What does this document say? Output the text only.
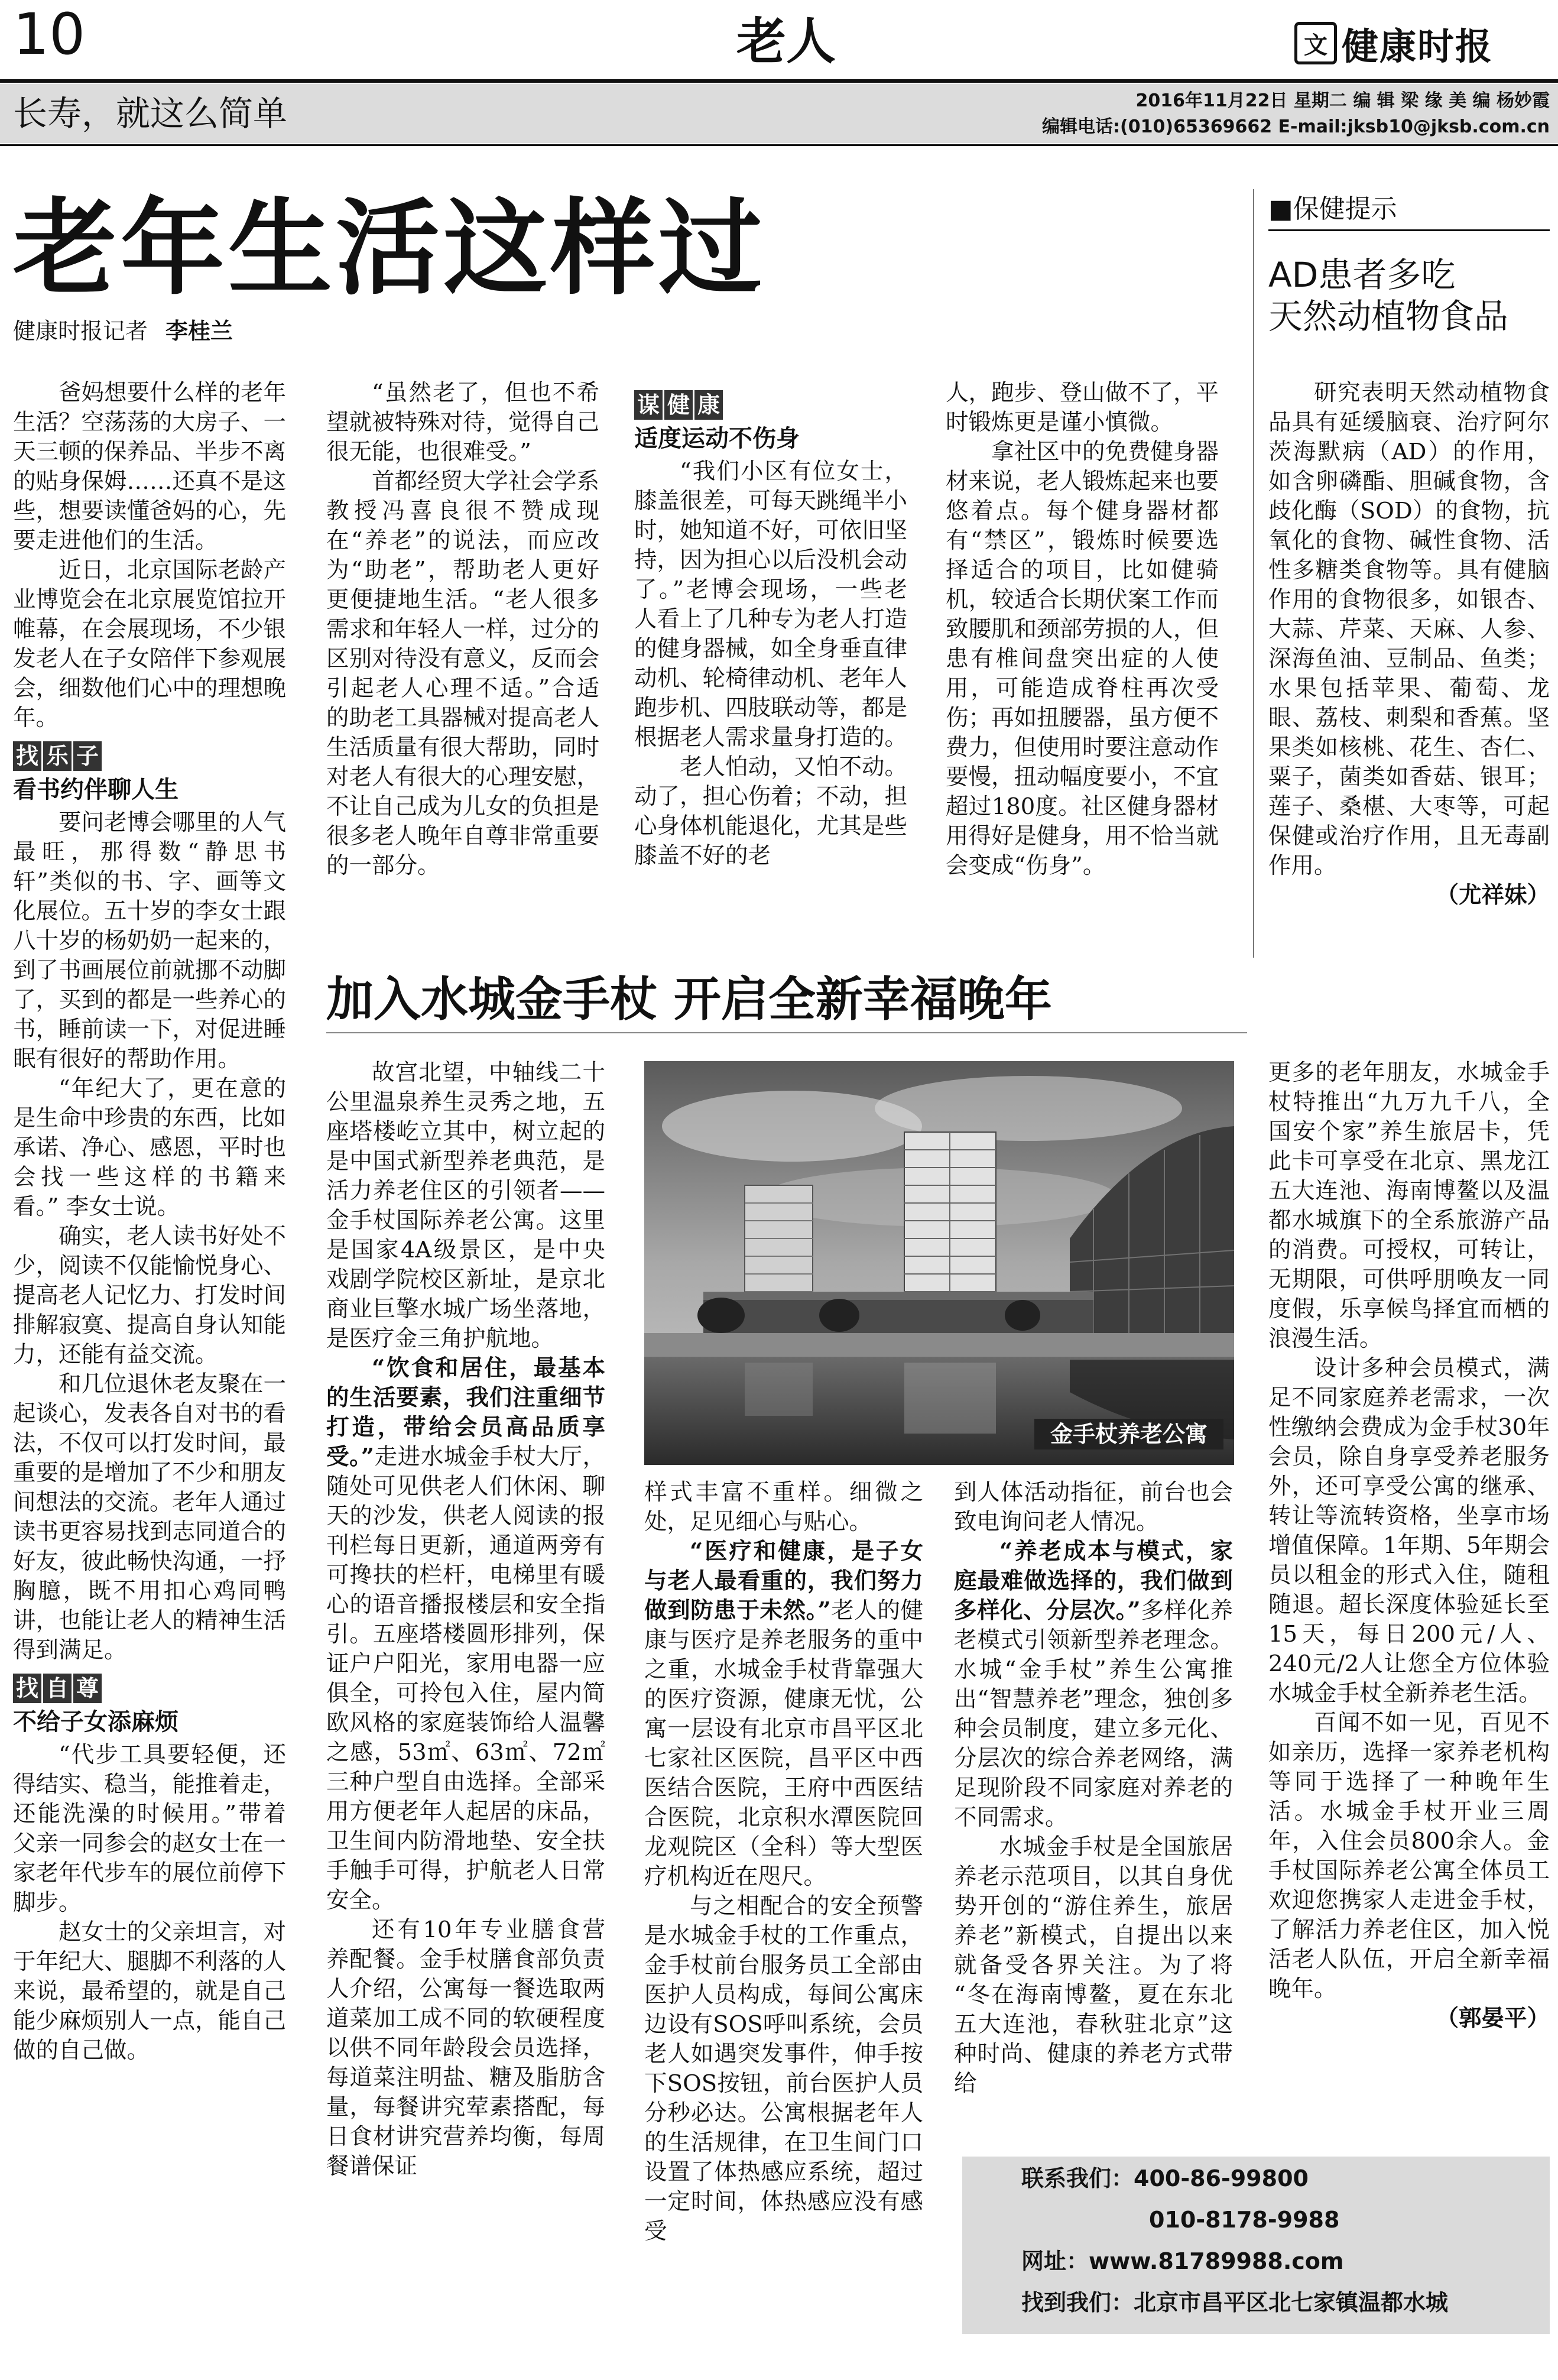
10	老人	文 健康时报
长寿，就这么简单	2016年11月22日 星期二 编 辑 梁 缘 美 编 杨妙霞
编辑电话:(010)65369662 E-mail:jksb10@jksb.com.cn
老年生活这样过
健康时报记者 李桂兰

爸妈想要什么样的老年生活？空荡荡的大房子、一天三顿的保养品、半步不离的贴身保姆……还真不是这些，想要读懂爸妈的心，先要走进他们的生活。

近日，北京国际老龄产业博览会在北京展览馆拉开帷幕，在会展现场，不少银发老人在子女陪伴下参观展会，细数他们心中的理想晚年。

找 乐 子

看书约伴聊人生

要问老博会哪里的人气最旺，那得数“静思书轩”类似的书、字、画等文化展位。五十岁的李女士跟八十岁的杨奶奶一起来的，到了书画展位前就挪不动脚了，买到的都是一些养心的书，睡前读一下，对促进睡眠有很好的帮助作用。

“年纪大了，更在意的是生命中珍贵的东西，比如承诺、净心、感恩，平时也会找一些这样的书籍来看。” 李女士说。

确实，老人读书好处不少，阅读不仅能愉悦身心、提高老人记忆力、打发时间排解寂寞、提高自身认知能力，还能有益交流。

和几位退休老友聚在一起谈心，发表各自对书的看法，不仅可以打发时间，最重要的是增加了不少和朋友间想法的交流。老年人通过读书更容易找到志同道合的好友，彼此畅快沟通，一抒胸臆，既不用扣心鸡同鸭讲，也能让老人的精神生活得到满足。

找 自 尊

不给子女添麻烦

“代步工具要轻便，还得结实、稳当，能推着走，还能洗澡的时候用。”带着父亲一同参会的赵女士在一家老年代步车的展位前停下脚步。

赵女士的父亲坦言，对于年纪大、腿脚不利落的人来说，最希望的，就是自己能少麻烦别人一点，能自己做的自己做。

“虽然老了，但也不希望就被特殊对待，觉得自己很无能，也很难受。”

首都经贸大学社会学系教授冯喜良很不赞成现在“养老”的说法，而应改为“助老”，帮助老人更好更便捷地生活。“老人很多需求和年轻人一样，过分的区别对待没有意义，反而会引起老人心理不适。”合适的助老工具器械对提高老人生活质量有很大帮助，同时对老人有很大的心理安慰，不让自己成为儿女的负担是很多老人晚年自尊非常重要的一部分。

谋 健 康

适度运动不伤身

“我们小区有位女士，膝盖很差，可每天跳绳半小时，她知道不好，可依旧坚持，因为担心以后没机会动了。”老博会现场，一些老人看上了几种专为老人打造的健身器械，如全身垂直律动机、轮椅律动机、老年人跑步机、四肢联动等，都是根据老人需求量身打造的。

老人怕动，又怕不动。动了，担心伤着；不动，担心身体机能退化，尤其是些膝盖不好的老

人，跑步、登山做不了，平时锻炼更是谨小慎微。

拿社区中的免费健身器材来说，老人锻炼起来也要悠着点。每个健身器材都有“禁区”，锻炼时候要选择适合的项目，比如健骑机，较适合长期伏案工作而致腰肌和颈部劳损的人，但患有椎间盘突出症的人使用，可能造成脊柱再次受伤；再如扭腰器，虽方便不费力，但使用时要注意动作要慢，扭动幅度要小，不宜超过180度。社区健身器材用得好是健身，用不恰当就会变成“伤身”。

■保健提示
AD患者多吃
天然动植物食品

研究表明天然动植物食品具有延缓脑衰、治疗阿尔茨海默病（AD）的作用，如含卵磷酯、胆碱食物，含歧化酶（SOD）的食物，抗氧化的食物、碱性食物、活性多糖类食物等。具有健脑作用的食物很多，如银杏、大蒜、芹菜、天麻、人参、深海鱼油、豆制品、鱼类；水果包括苹果、葡萄、龙眼、荔枝、刺梨和香蕉。坚果类如核桃、花生、杏仁、粟子，菌类如香菇、银耳；莲子、桑椹、大枣等，可起保健或治疗作用，且无毒副作用。

（尤祥妹）

加入水城金手杖 开启全新幸福晚年

故宫北望，中轴线二十公里温泉养生灵秀之地，五座塔楼屹立其中，树立起的是中国式新型养老典范，是活力养老住区的引领者——金手杖国际养老公寓。这里是国家4A级景区，是中央戏剧学院校区新址，是京北商业巨擎水城广场坐落地，是医疗金三角护航地。

“饮食和居住，最基本的生活要素，我们注重细节打造，带给会员高品质享受。”走进水城金手杖大厅，随处可见供老人们休闲、聊天的沙发，供老人阅读的报刊栏每日更新，通道两旁有可搀扶的栏杆，电梯里有暖心的语音播报楼层和安全指引。五座塔楼圆形排列，保证户户阳光，家用电器一应俱全，可拎包入住，屋内简欧风格的家庭装饰给人温馨之感，53㎡、63㎡、72㎡三种户型自由选择。全部采用方便老年人起居的床品，卫生间内防滑地垫、安全扶手触手可得，护航老人日常安全。

还有10年专业膳食营养配餐。金手杖膳食部负责人介绍，公寓每一餐选取两道菜加工成不同的软硬程度以供不同年龄段会员选择，每道菜注明盐、糖及脂肪含量，每餐讲究荤素搭配，每日食材讲究营养均衡，每周餐谱保证

金手杖养老公寓

样式丰富不重样。细微之处，足见细心与贴心。

“医疗和健康，是子女与老人最看重的，我们努力做到防患于未然。”老人的健康与医疗是养老服务的重中之重，水城金手杖背靠强大的医疗资源，健康无忧，公寓一层设有北京市昌平区北七家社区医院，昌平区中西医结合医院，王府中西医结合医院，北京积水潭医院回龙观院区（全科）等大型医疗机构近在咫尺。

与之相配合的安全预警是水城金手杖的工作重点，金手杖前台服务员工全部由医护人员构成，每间公寓床边设有SOS呼叫系统，会员老人如遇突发事件，伸手按下SOS按钮，前台医护人员分秒必达。公寓根据老年人的生活规律，在卫生间门口设置了体热感应系统，超过一定时间，体热感应没有感受

到人体活动指征，前台也会致电询问老人情况。

“养老成本与模式，家庭最难做选择的，我们做到多样化、分层次。”多样化养老模式引领新型养老理念。水城“金手杖”养生公寓推出“智慧养老”理念，独创多种会员制度，建立多元化、分层次的综合养老网络，满足现阶段不同家庭对养老的不同需求。

水城金手杖是全国旅居养老示范项目，以其自身优势开创的“游住养生，旅居养老”新模式，自提出以来就备受各界关注。为了将 “冬在海南博鳌，夏在东北五大连池，春秋驻北京”这种时尚、健康的养老方式带给

更多的老年朋友，水城金手杖特推出“九万九千八，全国安个家”养生旅居卡，凭此卡可享受在北京、黑龙江五大连池、海南博鳌以及温都水城旗下的全系旅游产品的消费。可授权，可转让，无期限，可供呼朋唤友一同度假，乐享候鸟择宜而栖的浪漫生活。

设计多种会员模式，满足不同家庭养老需求，一次性缴纳会费成为金手杖30年会员，除自身享受养老服务外，还可享受公寓的继承、转让等流转资格，坐享市场增值保障。1年期、5年期会员以租金的形式入住，随租随退。超长深度体验延长至15天，每日200元/人、240元/2人让您全方位体验水城金手杖全新养老生活。

百闻不如一见，百见不如亲历，选择一家养老机构等同于选择了一种晚年生活。水城金手杖开业三周年，入住会员800余人。金手杖国际养老公寓全体员工欢迎您携家人走进金手杖，了解活力养老住区，加入悦活老人队伍，开启全新幸福晚年。

（郭晏平）

联系我们：400-86-99800
010-8178-9988
网址：www.81789988.com
找到我们：北京市昌平区北七家镇温都水城
